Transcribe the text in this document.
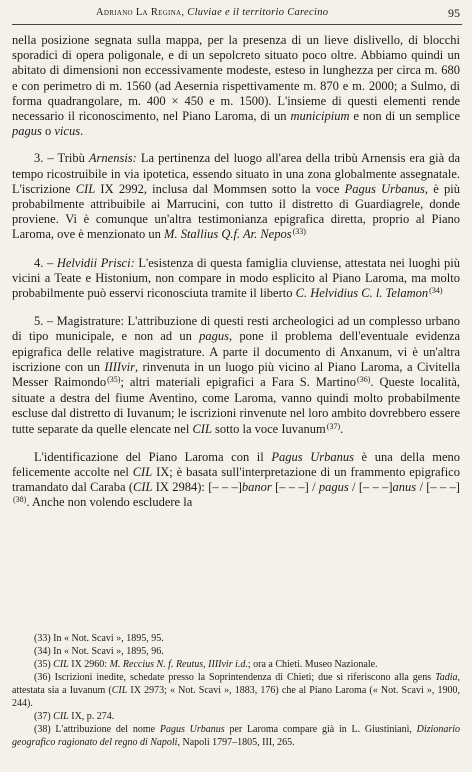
Adriano La Regina, Cluviae e il territorio Carecino	95

nella posizione segnata sulla mappa, per la presenza di un lieve dislivello, di blocchi sporadici di opera poligonale, e di un sepolcreto situato poco oltre. Abbiamo quindi un abitato di dimensioni non eccessivamente modeste, esteso in lunghezza per circa m. 680 e con perimetro di m. 1560 (ad Aesernia rispettivamente m. 870 e m. 2000; a Sulmo, di forma quadrangolare, m. 400 × 450 e m. 1500). L'insieme di questi elementi rende necessario il riconoscimento, nel Piano Laroma, di un municipium e non di un semplice pagus o vicus.

3. – Tribù Arnensis: La pertinenza del luogo all'area della tribù Arnensis era già da tempo ricostruibile in via ipotetica, essendo situato in una zona globalmente assegnatale. L'iscrizione CIL IX 2992, inclusa dal Mommsen sotto la voce Pagus Urbanus, è più probabilmente attribuibile ai Marrucini, con tutto il distretto di Guardiagrele, donde proviene. Vi è comunque un'altra testimonianza epigrafica diretta, proprio al Piano Laroma, ove è menzionato un M. Stallius Q.f. Ar. Nepos$^{(33)}$

4. – Helvidii Prisci: L'esistenza di questa famiglia cluviense, attestata nei luoghi più vicini a Teate e Histonium, non compare in modo esplicito al Piano Laroma, ma molto probabilmente può esservi riconosciuta tramite il liberto C. Helvidius C. l. Telamon$^{(34)}$

5. – Magistrature: L'attribuzione di questi resti archeologici ad un complesso urbano di tipo municipale, e non ad un pagus, pone il problema dell'eventuale evidenza epigrafica delle relative magistrature. A parte il documento di Anxanum, vi è un'altra iscrizione con un IIIIvir, rinvenuta in un luogo più vicino al Piano Laroma, a Civitella Messer Raimondo$^{(35)}$; altri materiali epigrafici a Fara S. Martino$^{(36)}$. Queste località, situate a destra del fiume Aventino, come Laroma, vanno quindi molto probabilmente escluse dal distretto di Iuvanum; le iscrizioni rinvenute nel loro ambito dovrebbero essere tutte separate da quelle elencate nel CIL sotto la voce Iuvanum$^{(37)}$.

L'identificazione del Piano Laroma con il Pagus Urbanus è una della meno felicemente accolte nel CIL IX; è basata sull'interpretazione di un frammento epigrafico tramandato dal Caraba (CIL IX 2984): [– – –]banor [– – –] / pagus / [– – –]anus / [– – –]$^{(38)}$. Anche non volendo escludere la

(33) In « Not. Scavi », 1895, 95.

(34) In « Not. Scavi », 1895, 96.

(35) CIL IX 2960: M. Reccius N. f. Reutus, IIIIvir i.d.; ora a Chieti. Museo Nazionale.

(36) Iscrizioni inedite, schedate presso la Soprintendenza di Chieti; due si riferiscono alla gens Tadia, attestata sia a Iuvanum (CIL IX 2973; « Not. Scavi », 1883, 176) che al Piano Laroma (« Not. Scavi », 1900, 244).

(37) CIL IX, p. 274.

(38) L'attribuzione del nome Pagus Urbanus per Laroma compare già in L. Giustiniani, Dizionario geografico ragionato del regno di Napoli, Napoli 1797–1805, III, 265.
